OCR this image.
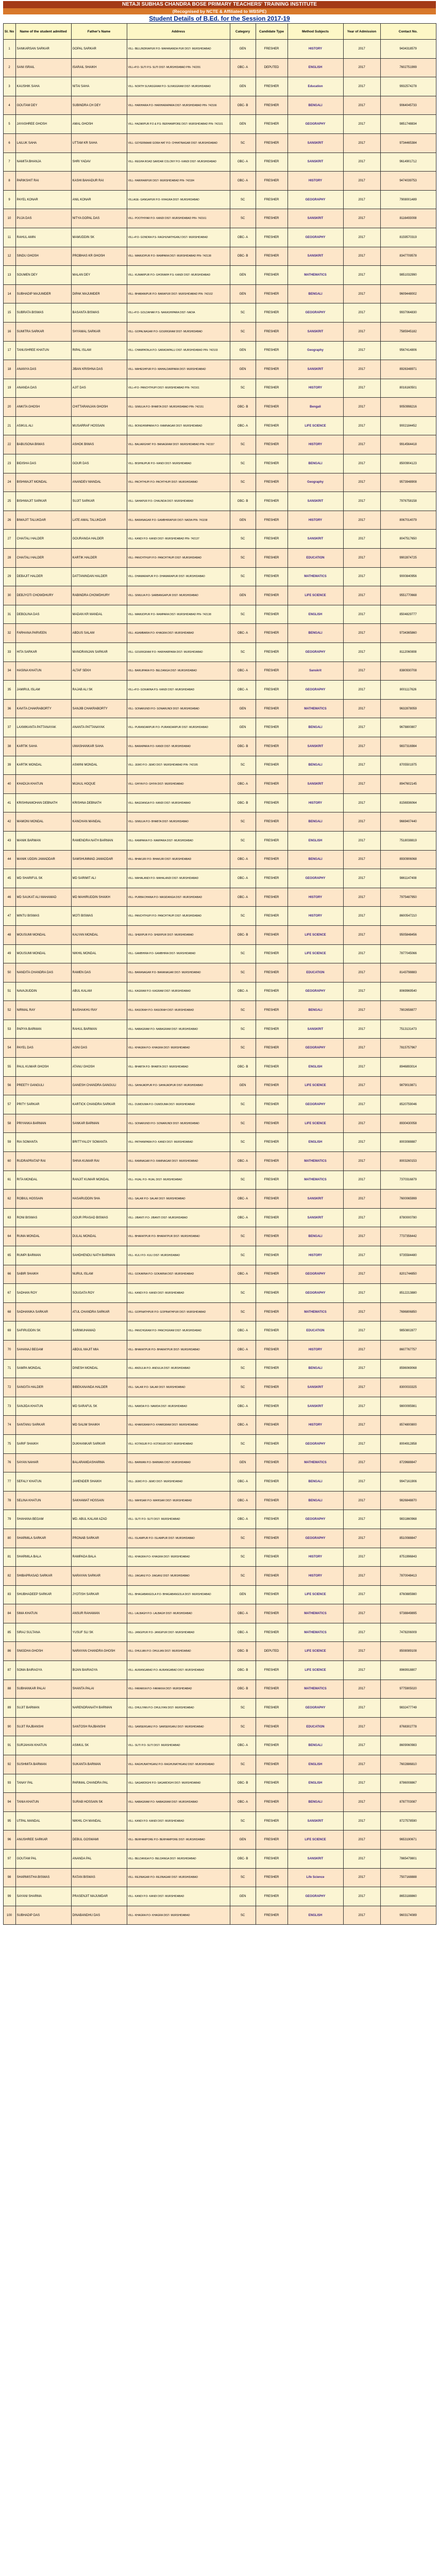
NETAJI SUBHAS CHANDRA BOSE PRIMARY TEACHERS' TRAINING INSTITUTE
(Recognised by NCTE & Affiliated to WBSPE)
Student Details of B.Ed. for the Session 2017-19
Sl. No	Name of the student admitted	Father's Name	Address	Category	Candidate Type	Method Subjects	Year of Admission	Contact No.
1	SANKARSAN SARKAR	GOPAL SARKAR	VILL- BELUNDRIAPUR P.O- MAHANANDA PUR DIST- MURSHIDABAD	GEN	FRESHER	HISTORY	2017	9434318579
2	SANI ISRAIL	ISARAIL SHAIKH	VILL+P.O- SUTI P.S- SUTI DIST- MURSHIDABAD PIN- 742201	OBC- A	DEPUTED	ENGLISH	2017	7602751999
3	KAUSHIK SAHA	NITAI SAHA	VILL- NORTH SUVASGRAM P.O- SUVASGRAM DIST- MURSHIDABAD	GEN	FRESHER	Education	2017	9932574278
4	GOUTAM DEY	SUBINDRA CH DEY	VILL- HARIHARA P.O- HARIHARAPARA DIST- MURSHIDABAD PIN- 742166	OBC- B	FRESHER	BENGALI	2017	9064045733
5	JAYASHREE GHOSH	AMAL GHOSH	VILL- HAZARPUR P.O & P.S- BERHAMPORE DIST- MURSHIDABAD PIN- 742101	GEN	FRESHER	GEOGRAPHY	2017	9851748834
6	LAILUK SAHA	UTTAM KR SAHA	VILL- GOYERMAAR GORA HAT P.O- CHHATINAGAR DIST- MURSHIDABAD	SC	FRESHER	SANSKRIT	2017	9734465384
7	NAMITA BHANJA	SHRI YADAV	VILL- REGHA ROAD SARDAR COLONY P.O- KANDI DIST- MURSHIDABAD	OBC- A	FRESHER	SANSKRIT	2017	9614901712
8	PARIKSHIT RAI	KASHI BAHADUR RAI	VILL- HARIHARPUR DIST- MURSHIDABAD PIN- 742184	OBC- A	FRESHER	HISTORY	2017	9474039753
9	PAYEL KONAR	ANIL KONAR	VILLAGE- GANGAPUR P.O- KHAGRA DIST- MURSHIDABAD	SC	FRESHER	GEOGRAPHY	2017	7908001489
10	PUJA DAS	NITYA GOPAL DAS	VILL- POOTHIYAR P.O- KANDI DIST- MURSHIDABAD PIN- 742161	SC	FRESHER	SANSKRIT	2017	8116493008
11	RAHUL AMIN	MAMUDDIN SK	VILL+P.O- GONDRA P.S- RAGHUNATHGANJ DIST- MURSHIDABAD	OBC- A	FRESHER	GEOGRAPHY	2017	8159570319
12	SINDU GHOSH	PROBHAS KR GHOSH	VILL- MAMUDPUR P.O- RAMPARA DIST- MURSHIDABAD PIN- 742138	OBC- B	FRESHER	SANSKRIT	2017	8347709578
13	SOUMEN DEY	MALAN DEY	VILL- KUMARPUR P.O- GHORARH P.S- KANDI DIST- MURSHIDABAD	GEN	FRESHER	MATHEMATICS	2017	9851032990
14	SUBHADIP MAJUMDER	DIPAK MAJUMDER	VILL- BHABANIPUR P.O- BARAPUR DIST- MURSHIDABAD PIN- 742102	GEN	FRESHER	BENGALI	2017	9609448002
15	SUBRATA BISWAS	BASANTA BISWAS	VILL+P.O- GOLDAHAR P.S- NAKASHIPARA DIST- NADIA	SC	FRESHER	GEOGRAPHY	2017	9937064830
16	SUMITRA SARKAR	SHYAMAL SARKAR	VILL- GOPALNAGAR P.O- GOURIGRAM DIST- MURSHIDABAD	SC	FRESHER	SANSKRIT	2017	7585945182
17	TANUSHREE KHATUN	RIPAL ISLAM	VILL- CHAMPATALA P.O- SARADAPALLI DIST- MURSHIDABAD PIN- 742103	GEN	FRESHER	Geography	2017	9567414806
18	ANANYA DAS	JIBAN KRISHNA DAS	VILL- MAHESHPUR P.O- MAHALDARPARA DIST- MURSHIDABAD	GEN	FRESHER	SANSKRIT	2017	8926348971
19	ANANDA DAS	AJIT DAS	VILL+P.O- PANCHTHUPI DIST- MURSHIDABAD PIN- 742161	SC	FRESHER	HISTORY	2017	8016160501
20	ANKITA GHOSH	CHITTARANJAN GHOSH	VILL- SIMULIA P.O- BHABTA DIST- MURSHIDABAD PIN- 742151	OBC- B	FRESHER	Bengali	2017	9050998216
21	ASIKUL ALI	MUSARRAF HOSSAIN	VILL- BONGHIMPARA P.O- RAMNAGAR DIST- MURSHIDABAD	OBC- A	FRESHER	LIFE SCIENCE	2017	9002184452
22	BABUSONA BIWAS	ASHOK BIWAS	VILL- BALIARGHAT P.O- BANAGRAM DIST- MURSHIDABAD PIN- 742157	SC	FRESHER	HISTORY	2017	9914564418
23	BIDISHA DAS	GOUR DAS	VILL- BISHNUPUR P.O- KANDI DIST- MURSHIDABAD	SC	FRESHER	BENGALI	2017	8500904123
24	BISHWAJIT MONDAL	ANANDEV MANDAL	VILL- PACHTHUPI P.O- PACHTHUPI DIST- MURSHIDABAD	SC	FRESHER	Geography	2017	9573948908
25	BISHWAJIT SARKAR	SUJIT SARKAR	VILL- SAHAPUR P.O- CHAUNDA DIST- MURSHIDABAD	OBC- B	FRESHER	SANSKRIT	2017	7976758158
26	BIWAJIT TALUKDAR	LATE AMAL TALUKDAR	VILL- BARANAGAR P.O- GAMBHIRAPUR DIST- NADIA PIN- 741158	GEN	FRESHER	HISTORY	2017	8067014079
27	CHAITALI HALDER	GOURANGA HALDER	VILL- KANDI P.O- KANDI DIST- MURSHIDABAD PIN- 742137	SC	FRESHER	SANSKRIT	2017	8047517650
28	CHAITALI HALDER	KARTIK HALDER	VILL- PANCHTHUPI P.O- PANCHTHUPI DIST- MURSHIDABAD	SC	FRESHER	EDUCATION	2017	9902874725
29	DEBAJIT HALDER	DATTANINDAN HALDER	VILL- DHAMARAPUR P.O- DHAMARAPUR DIST- MURSHIDABAD	SC	FRESHER	MATHEMATICS	2017	9000840956
30	DEBJYOTI CHOWDHURY	RABINDRA CHOWDHURY	VILL- SIMULIA P.O- SARBANGAPUR DIST- MURSHIDABAD	GEN	FRESHER	LIFE SCIENCE	2017	9551770668
31	DEBOLINA DAS	MADAN KR MANDAL	VILL- MAMUDPUR P.O- RAMPARA DIST- MURSHIDABAD PIN- 742138	SC	FRESHER	ENGLISH	2017	8504829777
32	FARHANA PARVEEN	ABDUS SALAM	VILL- ASAMBARIA P.O- KHAGRA DIST- MURSHIDABAD	OBC- A	FRESHER	BENGALI	2017	9734365860
33	HITA SARKAR	MANORANJAN SARKAR	VILL- GOURIGRAM P.O- HARIHARPARA DIST- MURSHIDABAD	SC	FRESHER	GEOGRAPHY	2017	8112060808
34	HASINA KHATUN	ALTAF SEKH	VILL- BARUIPARA P.O- BELDANGA DIST- MURSHIDABAD	OBC- A	FRESHER	Sanskrit	2017	8380930708
35	JAMIRUL ISLAM	RAJAB ALI SK	VILL+P.O- GOKARNA P.S- KANDI DIST- MURSHIDABAD	OBC- A	FRESHER	GEOGRAPHY	2017	8001117626
36	KAVITA CHAKRABORTY	SANJIB CHAKRABORTY	VILL- SONARUNDI P.O- SONARUNDI DIST- MURSHIDABAD	GEN	FRESHER	MATHEMATICS	2017	9632878059
37	LAXMIKANTA PATTANAYAK	ANANTA PATTANAYAK	VILL- PURANDARPUR P.O- PURANDARPUR DIST- MURSHIDABAD	GEN	FRESHER	BENGALI	2017	9678800807
38	KARTIK SAHA	UMASHANKAR SAHA	VILL- BARAIPARA P.O- KANDI DIST- MURSHIDABAD	OBC- B	FRESHER	SANSKRIT	2017	9837316984
39	KARTIK MONDAL	ASWINI MONDAL	VILL- JEMO P.O- JEMO DIST- MURSHIDABAD PIN- 742195	SC	FRESHER	BENGALI	2017	8705501975
40	KHADIJA KHATUN	MIJAUL HOQUE	VILL- GHIYA P.O- GHIYA DIST- MURSHIDABAD	OBC- A	FRESHER	SANSKRIT	2017	8947602145
41	KRISHNAMOHAN DEBNATH	KRISHNA DEBNATH	VILL- BAGDANGA P.O- KANDI DIST- MURSHIDABAD	OBC- B	FRESHER	HISTORY	2017	8156936064
42	MAMONI MONDAL	KANCHAN MANDAL	VILL- SIMULIA P.O- BHABTA DIST- MURSHIDABAD	SC	FRESHER	BENGALI	2017	9669407440
43	MANIK BARMAN	RAMENDRA NATH BARMAN	VILL- RAMPARA P.O- RAMPARA DIST- MURSHIDABAD	SC	FRESHER	ENGLISH	2017	7518038819
44	MANIK UDDIN JAMADDAR	SAMSHUMMAD JAMADDAR	VILL- BHAKURI P.O- BHAKURI DIST- MURSHIDABAD	OBC- A	FRESHER	BENGALI	2017	8930906068
45	MD SHARIFUL SK	MD SARIMIT ALI	VILL- MAHALANDI P.O- MAHALANDI DIST- MURSHIDABAD	OBC- A	FRESHER	GEOGRAPHY	2017	9861147408
46	MD SAUKAT ALI MAHAMAD	MD MAHIRUDDIN SHAIKH	VILL- PURBA DHANA P.O- MASIDANGA DIST- MURSHIDABAD	OBC- A	FRESHER	HISTORY	2017	7975487950
47	MINTU BISWAS	MOTI BISWAS	VILL- PANCHTHUPI P.O- PANCHTHUPI DIST- MURSHIDABAD	SC	FRESHER	HISTORY	2017	8600547210
48	MOUSUMI MONDAL	KALYAN MONDAL	VILL- SHERPUR P.O- SHERPUR DIST- MURSHIDABAD	OBC- B	FRESHER	LIFE SCIENCE	2017	9505848456
49	MOUSUMI MONDAL	NIKHIL MONDAL	VILL- GAMBHIRA P.O- GAMBHIRA DIST- MURSHIDABAD	SC	FRESHER	LIFE SCIENCE	2017	7877045066
50	NANDITA CHANDRA DAS	RAMEN DAS	VILL- BARANAGAR P.O- BARANAGAR DIST- MURSHIDABAD	SC	FRESHER	EDUCATION	2017	8143798883
51	NAVAJIUDDIN	ABUL KALAM	VILL- KAGRAM P.O- KAGRAM DIST- MURSHIDABAD	OBC- A	FRESHER	GEOGRAPHY	2017	8069969540
52	NIRMAL RAY	BAISHAKHU RAY	VILL- RASORAH P.O- RASORAH DIST- MURSHIDABAD	SC	FRESHER	BENGALI	2017	7802658877
53	PAPIYA BARMAN	RAHUL BARMAN	VILL- NABAGRAM P.O- NABAGRAM DIST- MURSHIDABAD	SC	FRESHER	SANSKRIT	2017	7513131473
54	PAYEL DAS	AGNI DAS	VILL- KHAGRA P.O- KHAGRA DIST- MURSHIDABAD	SC	FRESHER	GEOGRAPHY	2017	7815757967
55	PAUL KUMAR GHOSH	ATANU GHOSH	VILL- BHABTA P.O- BHABTA DIST- MURSHIDABAD	OBC- B	FRESHER	ENGLISH	2017	8946893014
56	PREETY GANGULI	GANESH CHANDRA GANGULI	VILL- SAHAJADPUR P.O- SAHAJADPUR DIST- MURSHIDABAD	GEN	FRESHER	LIFE SCIENCE	2017	9879019871
57	PRITY SARKAR	KARTICK CHANDRA SARKAR	VILL- DUMDUMA P.O- DUMDUMA DIST- MURSHIDABAD	SC	FRESHER	GEOGRAPHY	2017	8520759046
58	PRIYANKA BARMAN	SANKAR BARMAN	VILL- SONARUNDI P.O- SONARUNDI DIST- MURSHIDABAD	SC	FRESHER	LIFE SCIENCE	2017	8930430058
59	RIA SOMANTA	BRITTYALOY SOMANTA	VILL- PATHANPARA P.O- KANDI DIST- MURSHIDABAD	SC	FRESHER	ENGLISH	2017	8003088887
60	RUDRAPRATAP RAI	SHIVA KUMAR RAI	VILL- RAMNAGAR P.O- RAMNAGAR DIST- MURSHIDABAD	OBC- A	FRESHER	MATHEMATICS	2017	8003260153
61	RITA MONDAL	RANJIT KUMAR MONDAL	VILL- HIJAL P.O- HIJAL DIST- MURSHIDABAD	SC	FRESHER	MATHEMATICS	2017	7370316879
62	ROBIUL HOSSAIN	HASARUDDIN SHA	VILL- SALAR P.O- SALAR DIST- MURSHIDABAD	OBC- A	FRESHER	SANSKRIT	2017	7600065999
63	RONI BISWAS	GOUR PRASAD BISWAS	VILL- JIBANTI P.O- JIBANTI DIST- MURSHIDABAD	OBC- A	FRESHER	SANSKRIT	2017	8780000780
64	RUMA MONDAL	DULAL MONDAL	VILL- BHARATPUR P.O- BHARATPUR DIST- MURSHIDABAD	SC	FRESHER	BENGALI	2017	7737356442
65	RUMPI BARMAN	SAHDHENDU NATH BARMAN	VILL- KULI P.O- KULI DIST- MURSHIDABAD	SC	FRESHER	HISTORY	2017	9735584480
66	SABIR SHAIKH	NURUL ISLAM	VILL- GOKARNA P.O- GOKARNA DIST- MURSHIDABAD	OBC- A	FRESHER	GEOGRAPHY	2017	8201744850
67	SADHAN ROY	SOUGATA ROY	VILL- KANDI P.O- KANDI DIST- MURSHIDABAD	SC	FRESHER	GEOGRAPHY	2017	8512213880
68	SADHANIKA SARKAR	ATUL CHANDRA SARKAR	VILL- GOPINATHPUR P.O- GOPINATHPUR DIST- MURSHIDABAD	SC	FRESHER	MATHEMATICS	2017	7696806850
69	SAFIRUDDIN SK	SARIMUHAMAD	VILL- PANCHGRAM P.O- PANCHGRAM DIST- MURSHIDABAD	OBC- A	FRESHER	EDUCATION	2017	9850802877
70	SAHANAJ BEGAM	ABDUL MAJIT MIA	VILL- BHARATPUR P.O- BHARATPUR DIST- MURSHIDABAD	OBC- A	FRESHER	HISTORY	2017	8607767757
71	SAMPA MONDAL	DINESH MONDAL	VILL- ANDULIA P.O- ANDULIA DIST- MURSHIDABAD	SC	FRESHER	BENGALI	2017	8596069068
72	SANGITA HALDER	BIBEKANANDA HALDER	VILL- SALAR P.O- SALAR DIST- MURSHIDABAD	SC	FRESHER	SANSKRIT	2017	8300033325
73	SANJIDA KHATUN	MD SARAFUL SK	VILL- NAWDA P.O- NAWDA DIST- MURSHIDABAD	OBC- A	FRESHER	SANSKRIT	2017	9800095981
74	SANTANU SARKAR	MD SALIM SHAIKH	VILL- KHARGRAM P.O- KHARGRAM DIST- MURSHIDABAD	OBC- A	FRESHER	HISTORY	2017	8574800800
75	SARIF SHAIKH	DUKHANKAR SARKAR	VILL- KOTASUR P.O- KOTASUR DIST- MURSHIDABAD	SC	FRESHER	GEOGRAPHY	2017	8004912858
76	SAYAN NAHAR	BALARAMDASHARMA	VILL- BARWAN P.O- BARWAN DIST- MURSHIDABAD	GEN	FRESHER	MATHEMATICS	2017	8729688847
77	SEFALY KHATUN	JAHENDER SHAIKH	VILL- JEMO P.O- JEMO DIST- MURSHIDABAD	OBC- A	FRESHER	BENGALI	2017	9947161906
78	SELINA KHATUN	SAKHAWAT HOSSAIN	VILL- MAHISAR P.O- MAHISAR DIST- MURSHIDABAD	OBC- A	FRESHER	BENGALI	2017	9826848870
79	SHAHANA BEGAM	MD. ABUL KALAM AZAD	VILL- SUTI P.O- SUTI DIST- MURSHIDABAD	OBC- A	FRESHER	GEOGRAPHY	2017	9831860968
80	SHARMILA SARKAR	PRONAB SARKAR	VILL- ISLAMPUR P.O- ISLAMPUR DIST- MURSHIDABAD	SC	FRESHER	GEOGRAPHY	2017	8510088847
81	SHARMILA BALA	RAMPADA BALA	VILL- KHAGRA P.O- KHAGRA DIST- MURSHIDABAD	SC	FRESHER	HISTORY	2017	8751996843
82	SHIBAPRASAD SARKAR	NARAYAN SARKAR	VILL- JIAGANJ P.O- JIAGANJ DIST- MURSHIDABAD	SC	FRESHER	HISTORY	2017	7870048413
83	SHUBHADEEP SARKAR	JYOTISH SARKAR	VILL- BHAGABANGOLA P.O- BHAGABANGOLA DIST- MURSHIDABAD	GEN	FRESHER	LIFE SCIENCE	2017	8760885980
84	SIMA KHATUN	ANSUR RAHAMAN	VILL- LALBAGH P.O- LALBAGH DIST- MURSHIDABAD	OBC- A	FRESHER	MATHEMATICS	2017	9738849895
85	SIRAJ SULTANA	YUSUF SLI SK	VILL- JANGIPUR P.O- JANGIPUR DIST- MURSHIDABAD	OBC- A	FRESHER	MATHEMATICS	2017	7478206009
86	SNIGDHA GHOSH	NARAYAN CHANDRA GHOSH	VILL- DHULIAN P.O- DHULIAN DIST- MURSHIDABAD	OBC- B	DEPUTED	LIFE SCIENCE	2017	8508089108
87	SOMA BAIRAGYA	BIJAN BAIRAGYA	VILL- AURANGABAD P.O- AURANGABAD DIST- MURSHIDABAD	OBC- B	FRESHER	LIFE SCIENCE	2017	8969918807
88	SUBHANKAR PALAI	SHANTA PALAI	VILL- FARAKKA P.O- FARAKKA DIST- MURSHIDABAD	OBC- B	FRESHER	MATHEMATICS	2017	9775905020
89	SUJIT BARMAN	NARENDRANATH BARMAN	VILL- DHULIYAN P.O- DHULIYAN DIST- MURSHIDABAD	SC	FRESHER	GEOGRAPHY	2017	9832477749
90	SUJIT RAJBANSHI	SANTOSH RAJBANSHI	VILL- SAMSERGANJ P.O- SAMSERGANJ DIST- MURSHIDABAD	SC	FRESHER	EDUCATION	2017	8768302778
91	SURJAHAN KHATUN	ASIMUL SK	VILL- SUTI P.O- SUTI DIST- MURSHIDABAD	OBC- A	FRESHER	BENGALI	2017	8609060983
92	SUSHMITA BARMAN	SUKANTA BARMAN	VILL- RAGHUNATHGANJ P.O- RAGHUNATHGANJ DIST- MURSHIDABAD	SC	FRESHER	ENGLISH	2017	7602886810
93	TANAY PAL	PARIMAL CHANDRA PAL	VILL- SAGARDIGHI P.O- SAGARDIGHI DIST- MURSHIDABAD	OBC- B	FRESHER	ENGLISH	2017	8786008867
94	TANIA KHATUN	SURAB HOSSAIN SK	VILL- NABAGRAM P.O- NABAGRAM DIST- MURSHIDABAD	OBC- A	FRESHER	BENGALI	2017	8787703087
95	UTPAL MANDAL	NIKHIL CH MANDAL	VILL- KANDI P.O- KANDI DIST- MURSHIDABAD	SC	FRESHER	SANSKRIT	2017	8727578590
96	ANUSHREE SARKAR	DEBUL GOSWAMI	VILL- BERHAMPORE P.O- BERHAMPORE DIST- MURSHIDABAD	GEN	FRESHER	LIFE SCIENCE	2017	9653190671
97	GOUTAM PAL	ANANDA PAL	VILL- BELDANGA P.O- BELDANGA DIST- MURSHIDABAD	OBC- B	FRESHER	SANSKRIT	2017	7865479801
98	SHARMISTHA BISWAS	RATAN BISWAS	VILL- REJINAGAR P.O- REJINAGAR DIST- MURSHIDABAD	SC	FRESHER	Life Science	2017	7507168888
99	SAYANI SHARMA	PRASENJIT MAJUMDAR	VILL- KANDI P.O- KANDI DIST- MURSHIDABAD	GEN	FRESHER	GEOGRAPHY	2017	8653188860
100	SUBHADIP DAS	DINABANDHU DAS	VILL- KHAGRA P.O- KHAGRA DIST- MURSHIDABAD	SC	FRESHER	ENGLISH	2017	9603174089
